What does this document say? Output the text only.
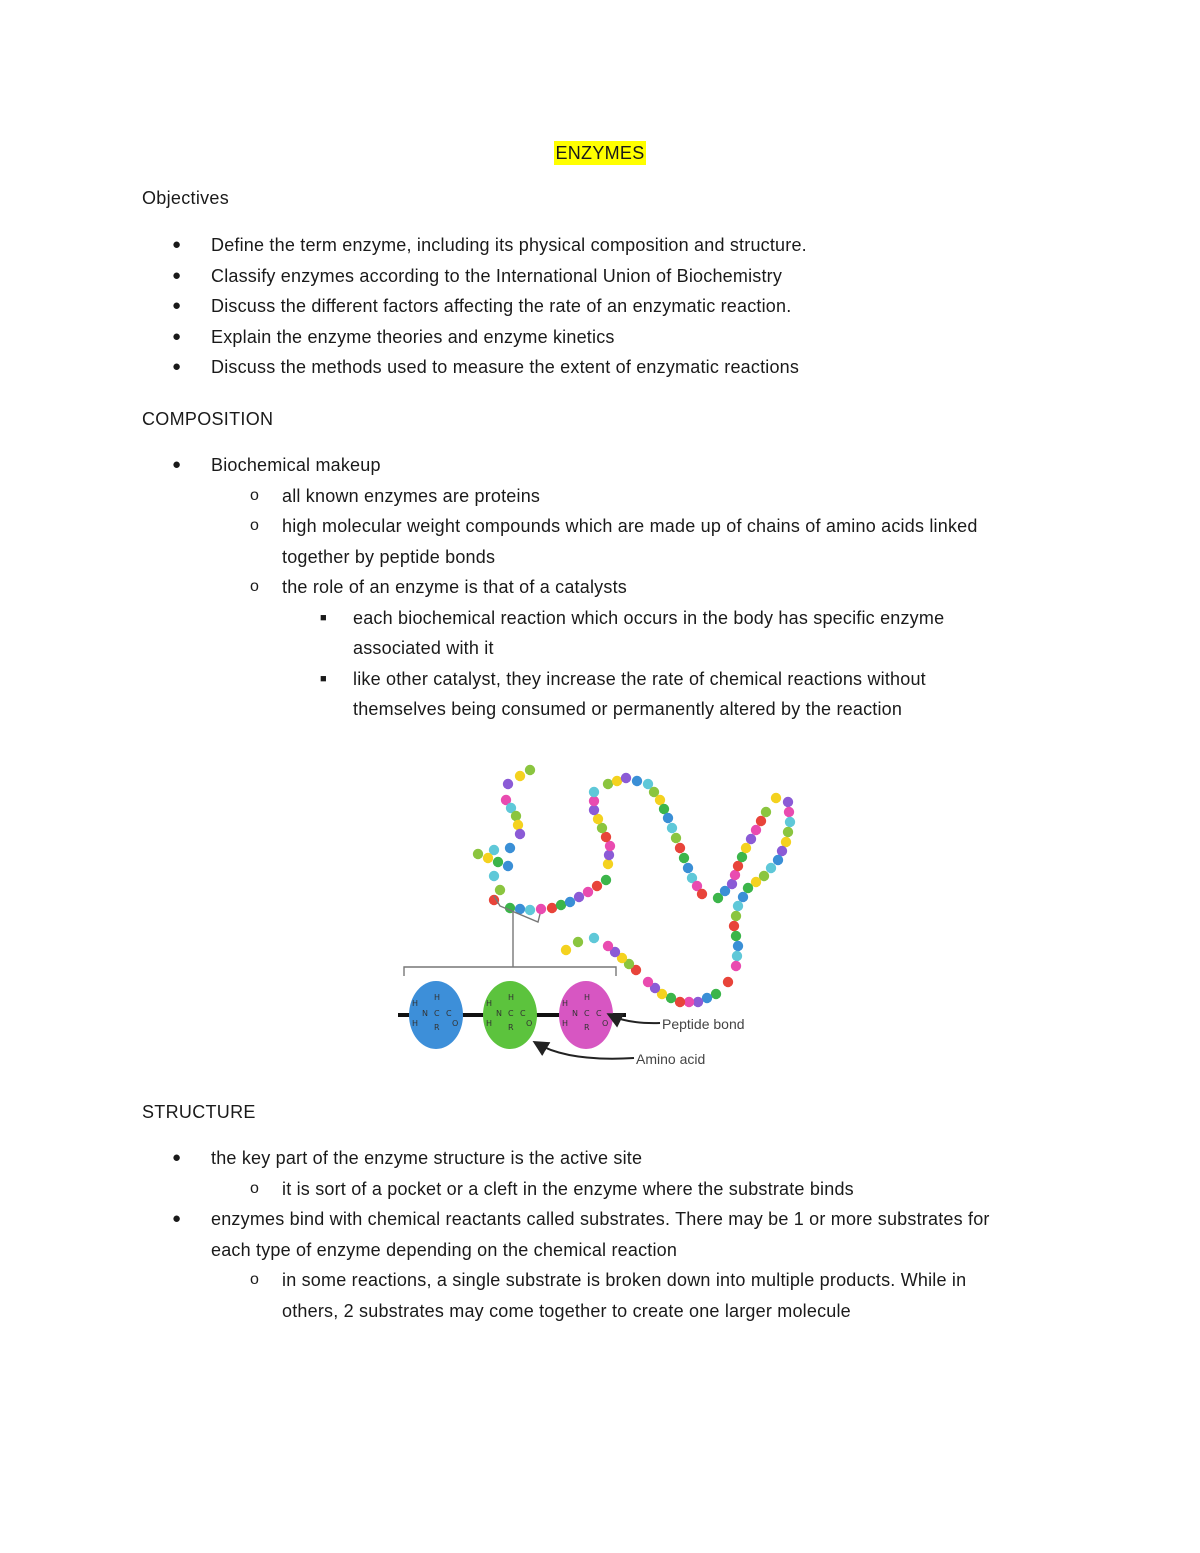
ENZYMES
Objectives
● Define the term enzyme, including its physical composition and structure.
● Classify enzymes according to the International Union of Biochemistry
● Discuss the different factors affecting the rate of an enzymatic reaction.
● Explain the enzyme theories and enzyme kinetics
● Discuss the methods used to measure the extent of enzymatic reactions
COMPOSITION
● Biochemical makeup
o all known enzymes are proteins
o high molecular weight compounds which are made up of chains of amino acids linked
together by peptide bonds
o the role of an enzyme is that of a catalysts
■ each biochemical reaction which occurs in the body has specific enzyme
associated with it
■ like other catalyst, they increase the rate of chemical reactions without
themselves being consumed or permanently altered by the reaction
H
N
H
C
R
H
C
O
H
N
H
C
R
H
C
O
H
N
H
C
R
H
C
O	Peptide bond
Amino acid
STRUCTURE
● the key part of the enzyme structure is the active site
o it is sort of a pocket or a cleft in the enzyme where the substrate binds
● enzymes bind with chemical reactants called substrates. There may be 1 or more substrates for
each type of enzyme depending on the chemical reaction
o in some reactions, a single substrate is broken down into multiple products. While in
others, 2 substrates may come together to create one larger molecule
